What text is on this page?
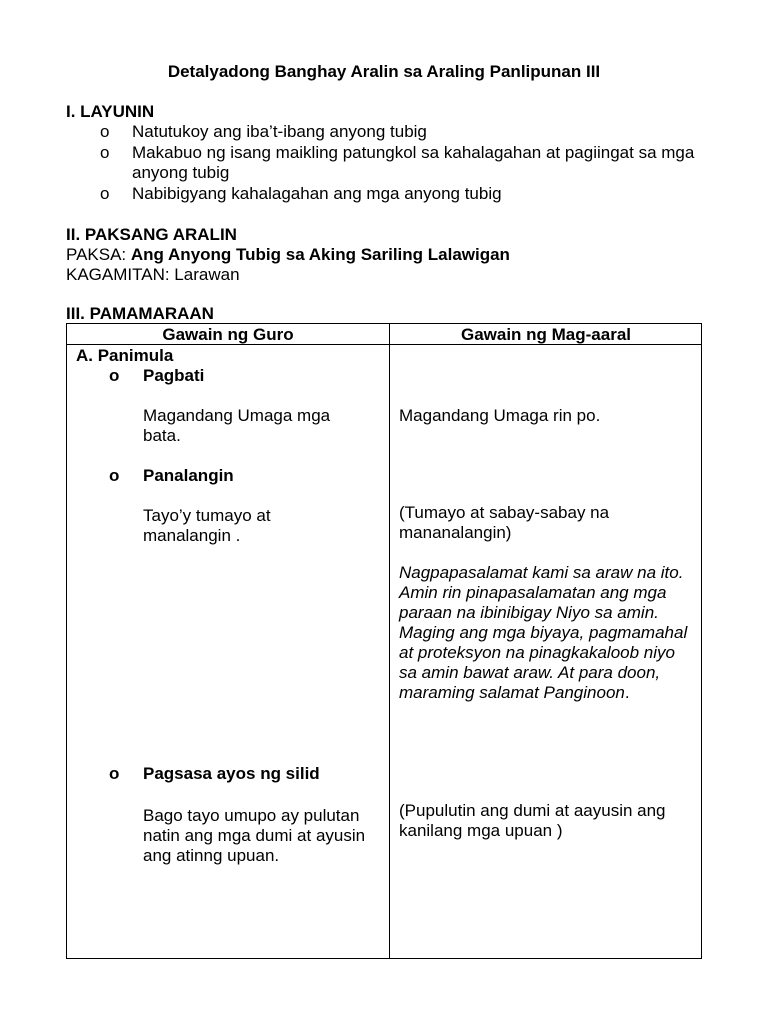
Detalyadong Banghay Aralin sa Araling Panlipunan III
I. LAYUNIN
o Natutukoy ang iba’t-ibang anyong tubig
o Makabuo ng isang maikling patungkol sa kahalagahan at pagiingat sa mga anyong tubig
o Nabibigyang kahalagahan ang mga anyong tubig
II. PAKSANG ARALIN
PAKSA: Ang Anyong Tubig sa Aking Sariling Lalawigan
KAGAMITAN: Larawan
III. PAMAMARAAN
Gawain ng Guro	Gawain ng Mag-aaral
A. Panimula
o Pagbati
Magandang Umaga mga bata.
Magandang Umaga rin po.
o Panalangin
Tayo’y tumayo at manalangin .
(Tumayo at sabay-sabay na mananalangin)
Nagpapasalamat kami sa araw na ito. Amin rin pinapasalamatan ang mga paraan na ibinibigay Niyo sa amin. Maging ang mga biyaya, pagmamahal at proteksyon na pinagkakaloob niyo sa amin bawat araw. At para doon, maraming salamat Panginoon.
o Pagsasa ayos ng silid
Bago tayo umupo ay pulutan natin ang mga dumi at ayusin ang atinng upuan.
(Pupulutin ang dumi at aayusin ang kanilang mga upuan )
